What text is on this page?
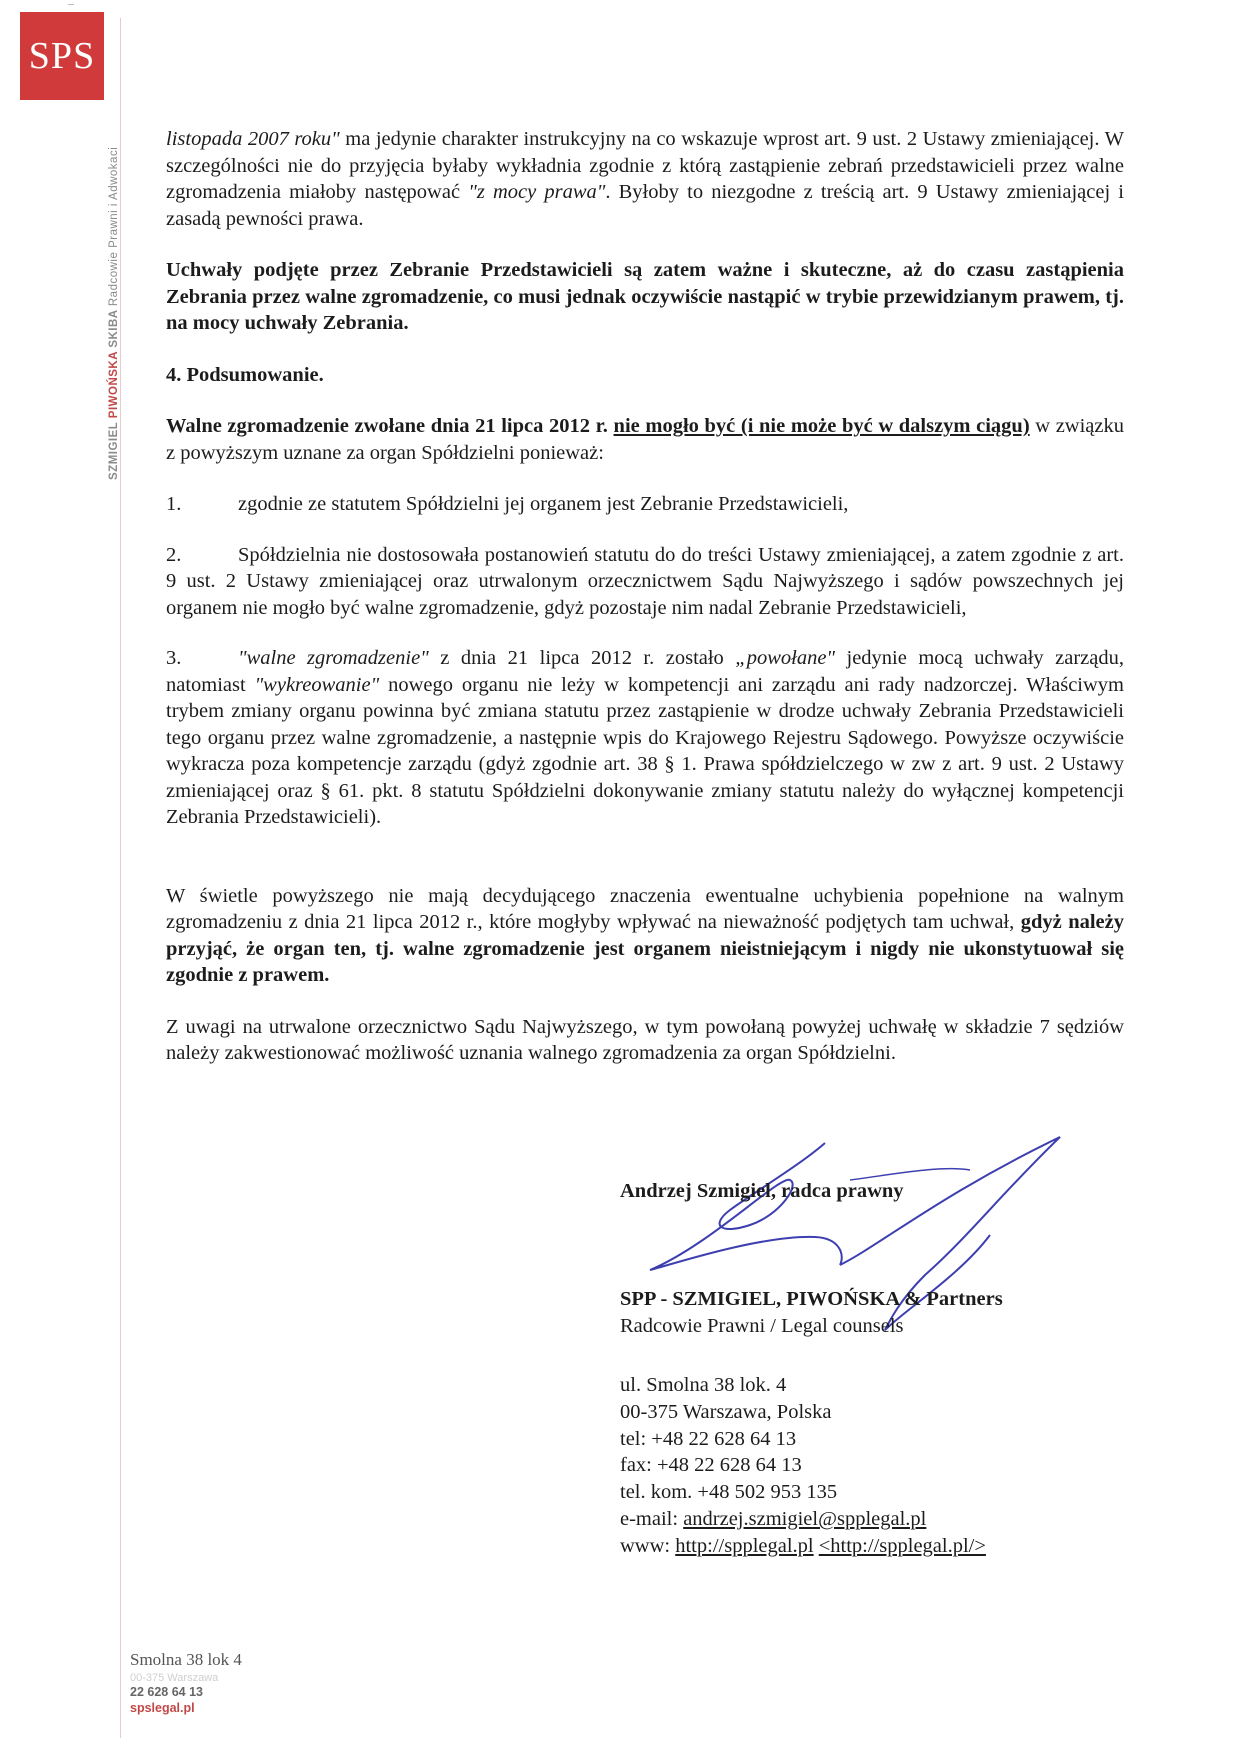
SPS
SZMIGIEL PIWOŃSKA SKIBA Radcowie Prawni i Adwokaci

listopada 2007 roku" ma jedynie charakter instrukcyjny na co wskazuje wprost art. 9 ust. 2 Ustawy zmieniającej. W szczególności nie do przyjęcia byłaby wykładnia zgodnie z którą zastąpienie zebrań przedstawicieli przez walne zgromadzenia miałoby następować "z mocy prawa". Byłoby to niezgodne z treścią art. 9 Ustawy zmieniającej i zasadą pewności prawa.

Uchwały podjęte przez Zebranie Przedstawicieli są zatem ważne i skuteczne, aż do czasu zastąpienia Zebrania przez walne zgromadzenie, co musi jednak oczywiście nastąpić w trybie przewidzianym prawem, tj. na mocy uchwały Zebrania.

4. Podsumowanie.

Walne zgromadzenie zwołane dnia 21 lipca 2012 r. nie mogło być (i nie może być w dalszym ciągu) w związku z powyższym uznane za organ Spółdzielni ponieważ:

1.	zgodnie ze statutem Spółdzielni jej organem jest Zebranie Przedstawicieli,

2.	Spółdzielnia nie dostosowała postanowień statutu do do treści Ustawy zmieniającej, a zatem zgodnie z art. 9 ust. 2 Ustawy zmieniającej oraz utrwalonym orzecznictwem Sądu Najwyższego i sądów powszechnych jej organem nie mogło być walne zgromadzenie, gdyż pozostaje nim nadal Zebranie Przedstawicieli,

3.	"walne zgromadzenie" z dnia 21 lipca 2012 r. zostało „powołane" jedynie mocą uchwały zarządu, natomiast "wykreowanie" nowego organu nie leży w kompetencji ani zarządu ani rady nadzorczej. Właściwym trybem zmiany organu powinna być zmiana statutu przez zastąpienie w drodze uchwały Zebrania Przedstawicieli tego organu przez walne zgromadzenie, a następnie wpis do Krajowego Rejestru Sądowego. Powyższe oczywiście wykracza poza kompetencje zarządu (gdyż zgodnie art. 38 § 1. Prawa spółdzielczego w zw z art. 9 ust. 2 Ustawy zmieniającej oraz § 61. pkt. 8 statutu Spółdzielni dokonywanie zmiany statutu należy do wyłącznej kompetencji Zebrania Przedstawicieli).

W świetle powyższego nie mają decydującego znaczenia ewentualne uchybienia popełnione na walnym zgromadzeniu z dnia 21 lipca 2012 r., które mogłyby wpływać na nieważność podjętych tam uchwał, gdyż należy przyjąć, że organ ten, tj. walne zgromadzenie jest organem nieistniejącym i nigdy nie ukonstytuował się zgodnie z prawem.

Z uwagi na utrwalone orzecznictwo Sądu Najwyższego, w tym powołaną powyżej uchwałę w składzie 7 sędziów należy zakwestionować możliwość uznania walnego zgromadzenia za organ Spółdzielni.

Andrzej Szmigiel, radca prawny
SPP - SZMIGIEL, PIWOŃSKA & Partners
Radcowie Prawni / Legal counsels
ul. Smolna 38 lok. 4
00-375 Warszawa, Polska
tel: +48 22 628 64 13
fax: +48 22 628 64 13
tel. kom. +48 502 953 135
e-mail: andrzej.szmigiel@spplegal.pl
www: http://spplegal.pl <http://spplegal.pl/>
Smolna 38 lok 4
00-375 Warszawa
22 628 64 13
spslegal.pl
